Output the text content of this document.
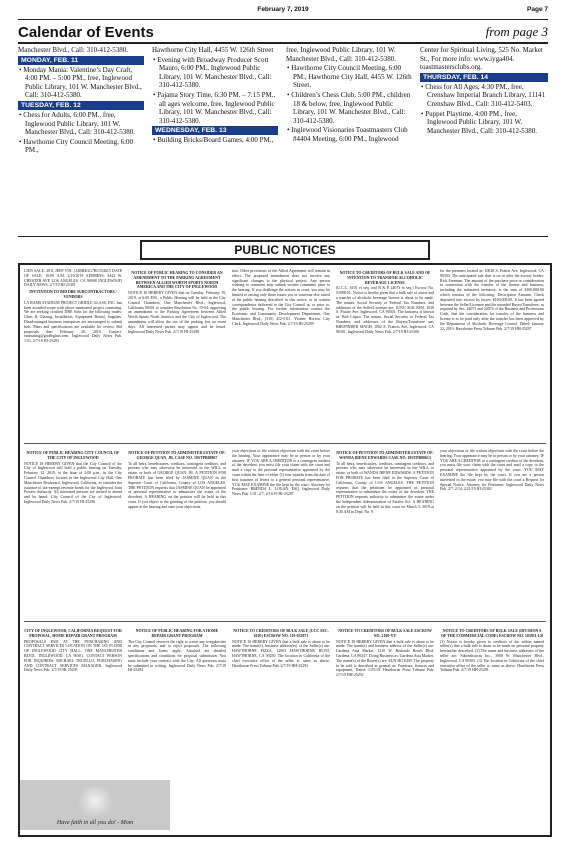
February 7, 2019	Page 7
Calendar of Events	from page 3

Manchester Blvd., Call: 310-412-5380.

MONDAY, FEB. 11

• Monday Mania: Valentine’s Day Craft, 4:00 PM. – 5:00 PM., free, Inglewood Public Library, 101 W. Manchester Blvd., Call: 310-412-5380.

TUESDAY, FEB. 12

• Chess for Adults, 6:00 PM., free, Inglewood Public Library, 101 W. Manchester Blvd., Call: 310-412-5380.

• Hawthorne City Council Meeting, 6:00 PM.,

Hawthorne City Hall, 4455 W. 126th Street

• Evening with Broadway Producer Scott Mauro, 6:00 PM., Inglewood Public Library, 101 W. Manchester Blvd., Call: 310-412-5380.

• Pajama Story Time, 6:30 PM. – 7:15 PM., all ages welcome, free, Inglewood Public Library, 101 W. Manchester Blvd., Call: 310-412-5380.

WEDNESDAY, FEB. 13

• Building Bricks/Board Games, 4:00 PM.,

free, Inglewood Public Library, 101 W. Manchester Blvd., Call: 310-412-5380.

• Hawthorne City Council Meeting, 6:00 PM., Hawthorne City Hall, 4455 W. 126th Street.

• Children’s Chess Club, 5:00 PM., children 18 & below, free, Inglewood Public Library, 101 W. Manchester Blvd., Call: 310-412-5380.

• Inglewood Visionaries Toastmasters Club #4404 Meeting, 6:00 PM., Inglewood

Center for Spiritual Living, 525 No. Market St., For more info: www.iyga404. toastmastersclubs.org.

THURSDAY, FEB. 14

• Chess for All Ages, 4:30 PM., free, Crenshaw Imperial Branch Library, 11141 Crenshaw Blvd., Call: 310-412-5403.

• Puppet Playtime, 4:00 PM., free, Inglewood Public Library, 101 W. Manchester Blvd., Call: 310-412-5380.

PUBLIC NOTICES
LIEN SALE: 2011 JEEP VIN: 1J4RR4GG7BC554615 DATE OF SALE: 10:00 A.M. 2/19/2019 ADDRESS: 3443 W. CHESTER AVE LOS ANGELES, CA 90008 INGLEWOOD DAILY NEWS: 2/7/19 HI-25301

INVITATION TO BID DBE SUBCONTRACTORS / VENDORS
LA RAMS STADIUM PROJECT GRIDLE GLASS, INC. has been awarded scope with above mentioned project consisting. We are seeking certified DBE Subs for the following trades: Glass & Glazing, Installation, Equipment Rental, Supplies. Disadvantaged business enterprises are encouraged to submit bids. Plans and specifications are available for review. Bid proposals due: February 20, 2019. Contact: estimating@gridleglass.com. Inglewood Daily News Pub. 1/31, 2/7/19 HI-25283

NOTICE OF PUBLIC HEARING TO CONSIDER AN AMENDMENT TO THE PARKING AGREEMENT BETWEEN ALLIED WORTH SPORTS NORTH AMERICA AND THE CITY OF INGLEWOOD
NOTICE IS HEREBY GIVEN that on Tuesday, February 19, 2019, at 6:00 P.M., a Public Hearing will be held in the City Council Chambers, One Manchester Blvd., Inglewood, California 90301 to consider Resolution No. 19-04, approving an amendment to the Parking Agreement between Allied Worth Sports North America and the City of Inglewood. The amendment will allow the use of the parking lots on event days. All interested parties may appear and be heard. Inglewood Daily News Pub. 2/7/19 HI-25298

tion. Other provisions of the Allied Agreement will remain in effect. The proposed amendment does not involve any significant changes to the physical project. Any person wishing to comment may submit written comments prior to the hearing. If you challenge the actions in court, you may be limited to raising only those issues you or someone else raised at the public hearing described in this notice, or in written correspondence delivered to the City Council at, or prior to, the public hearing. For further information contact the Economic and Community Development Department, One Manchester Blvd., (310) 412-5111. Yvonne Horton, City Clerk. Inglewood Daily News Pub. 2/7/19 HI-25299

NOTICE TO CREDITORS OF BULK SALE AND OF INTENTION TO TRANSFER ALCOHOLIC BEVERAGE LICENSE
(U.C.C. 6101 et seq. and B & P 24073 et seq.) Escrow No. 51098-JL. Notice is hereby given that a bulk sale of assets and a transfer of alcoholic beverage license is about to be made. The names, Social Security or Federal Tax Numbers, and addresses of the Seller/Licensee are: JUNG SUK KIM, 1020 S. Prairie Ave, Inglewood, CA 90301. The business is known as: Bob Liquor. The names, Social Security or Federal Tax Numbers, and addresses of the Buyers/Transferee are: BHUPINDER SINGH, 1002 E. Francis Ave, Inglewood, CA 90301. Inglewood Daily News Pub. 2/7/19 HI-25300

for the premises located at: 10020 S. Prairie Ave, Inglewood, CA 90303. The anticipated sale date is on or after the escrow holder: Rick Freeman. The amount of the purchase price or consideration in connection with the transfer of the license and business, including the estimated inventory, is the sum of $160,000.00 which consists of the following: Description Amount: Check deposited into escrow by buyer: $160,000.00. It has been agreed between the Seller/Licensee and the intended Buyer/Transferee, as required by Sec. 24073 and 24074 of the Business and Professions Code, that the consideration for transfer of the business and license is to be paid only after the transfer has been approved by the Department of Alcoholic Beverage Control. Dated: January 22, 2019. Hawthorne Press Tribune Pub. 2/7/19 HH-25297

NOTICE OF PUBLIC HEARING CITY COUNCIL OF THE CITY OF INGLEWOOD
NOTICE IS HEREBY GIVEN that the City Council of the City of Inglewood will hold a public hearing on Tuesday, February 12, 2019, at the hour of 2:00 p.m., in the City Council Chambers, located in the Inglewood City Hall, One Manchester Boulevard, Inglewood, California, to consider the issuance of tax-exempt revenue bonds for the Inglewood Joint Powers Authority. All interested persons are invited to attend and be heard. City Council of the City of Inglewood. Inglewood Daily News Pub. 2/7/19 HI-25296

NOTICE OF PETITION TO ADMINISTER ESTATE OF: GEORGE QUAN, JR. CASE NO. 19STPB00867
To all heirs, beneficiaries, creditors, contingent creditors, and persons who may otherwise be interested in the WILL or estate, or both of GEORGE QUAN, JR. A PETITION FOR PROBATE has been filed by JASMINE QUAN in the Superior Court of California, County of LOS ANGELES. THE PETITION requests that JASMINE QUAN be appointed as personal representative to administer the estate of the decedent. A HEARING on the petition will be held in this court. If you object to the granting of the petition, you should appear at the hearing and state your objections.

your objections or file written objections with the court before the hearing. Your appearance may be in person or by your attorney. IF YOU ARE A CREDITOR or a contingent creditor of the decedent, you must file your claim with the court and mail a copy to the personal representative appointed by the court within the later of either (1) four months from the date of first issuance of letters to a general personal representative. YOU MAY EXAMINE the file kept by the court. Attorney for Petitioner: BRENDA L. LOGAN, ESQ. Inglewood Daily News Pub. 1/31, 2/7, 2/14/19 HI-25287

NOTICE OF PETITION TO ADMINISTER ESTATE OF: WANDA IRENE EDWARDS CASE NO. 19STPB00613
To all heirs, beneficiaries, creditors, contingent creditors, and persons who may otherwise be interested in the WILL or estate, or both of WANDA IRENE EDWARDS. A PETITION FOR PROBATE has been filed in the Superior Court of California, County of LOS ANGELES. THE PETITION requests that the petitioner be appointed as personal representative to administer the estate of the decedent. THE PETITION requests authority to administer the estate under the Independent Administration of Estates Act. A HEARING on the petition will be held in this court on March 5, 2019 at 8:30 AM in Dept. No. 9.

your objections or file written objections with the court before the hearing. Your appearance may be in person or by your attorney. IF YOU ARE A CREDITOR or a contingent creditor of the decedent, you must file your claim with the court and mail a copy to the personal representative appointed by the court. YOU MAY EXAMINE the file kept by the court. If you are a person interested in the estate, you may file with the court a Request for Special Notice. Attorney for Petitioner: Inglewood Daily News Pub. 2/7, 2/14, 2/21/19 HI-25302

CITY OF INGLEWOOD, CALIFORNIA REQUEST FOR PROPOSAL, HOME REPAIR GRANT PROGRAM
PROPOSALS DUE AT THE PURCHASING AND CONTRACT SERVICES LOCATION ON THE 1ST FLOOR OF INGLEWOOD CITY HALL, ONE MANCHESTER BLVD., INGLEWOOD, CA 90301. CONTACT PERSON FOR INQUIRIES: MICHAEL TRUJILLO, PURCHASING AND CONTRACT SERVICES MANAGER. Inglewood Daily News Pub. 2/7/19 HI-25295

NOTICE OF PUBLIC HEARING FOR A HOME REPAIR GRANT PROGRAM
The City Council reserves the right to waive any irregularities in any proposals, and to reject proposals. The following conditions and forms apply. Attached are detailed specifications and conditions for proposal submission. You must include your contract with the City. All questions must be submitted in writing. Inglewood Daily News Pub. 2/7/19 HI-25294

NOTICE TO CREDITORS OF BULK SALE (UCC SEC. 6105) ESCROW NO. 110-032971
NOTICE IS HEREBY GIVEN that a bulk sale is about to be made. The name(s), business address(es) of the Seller(s) are: HAWTHORNE PIZZA, 12903 HAWTHORNE BLVD, HAWTHORNE, CA 90250. The location in California of the chief executive office of the seller is: same as above. Hawthorne Press Tribune Pub. 2/7/19 HH-25293

NOTICE TO CREDITORS OF BULK SALE ESCROW NO. 2180-YY
NOTICE IS HEREBY GIVEN that a bulk sale is about to be made. The name(s) and business address of the Seller(s) are: Gardena Asia Market, 1410 W. Redondo Beach Blvd, Gardena, CA 90247. Doing Business as: Gardena Asia Market. The name(s) of the Buyer(s) are: SUN HO KIM. The property to be sold is described in general as: Furniture, fixtures and equipment. Dated: 1/25/19. Hawthorne Press Tribune Pub. 2/7/19 HH-25292

NOTICE TO CREDITORS OF BULK SALE (DIVISION 6 OF THE COMMERCIAL CODE) ESCROW NO. 103951-LB
(1) Notice is hereby given to creditors of the within named seller(s) that a bulk sale is about to be made on personal property hereinafter described. (2) The name and business addresses of the seller are: Subrealisticas Inc., 3008 W. Manchester Blvd., Inglewood, CA 90305. (3) The location in California of the chief executive office of the seller is: same as above. Hawthorne Press Tribune Pub. 2/7/19 HH-25291

Have faith in all you do! - Mom
